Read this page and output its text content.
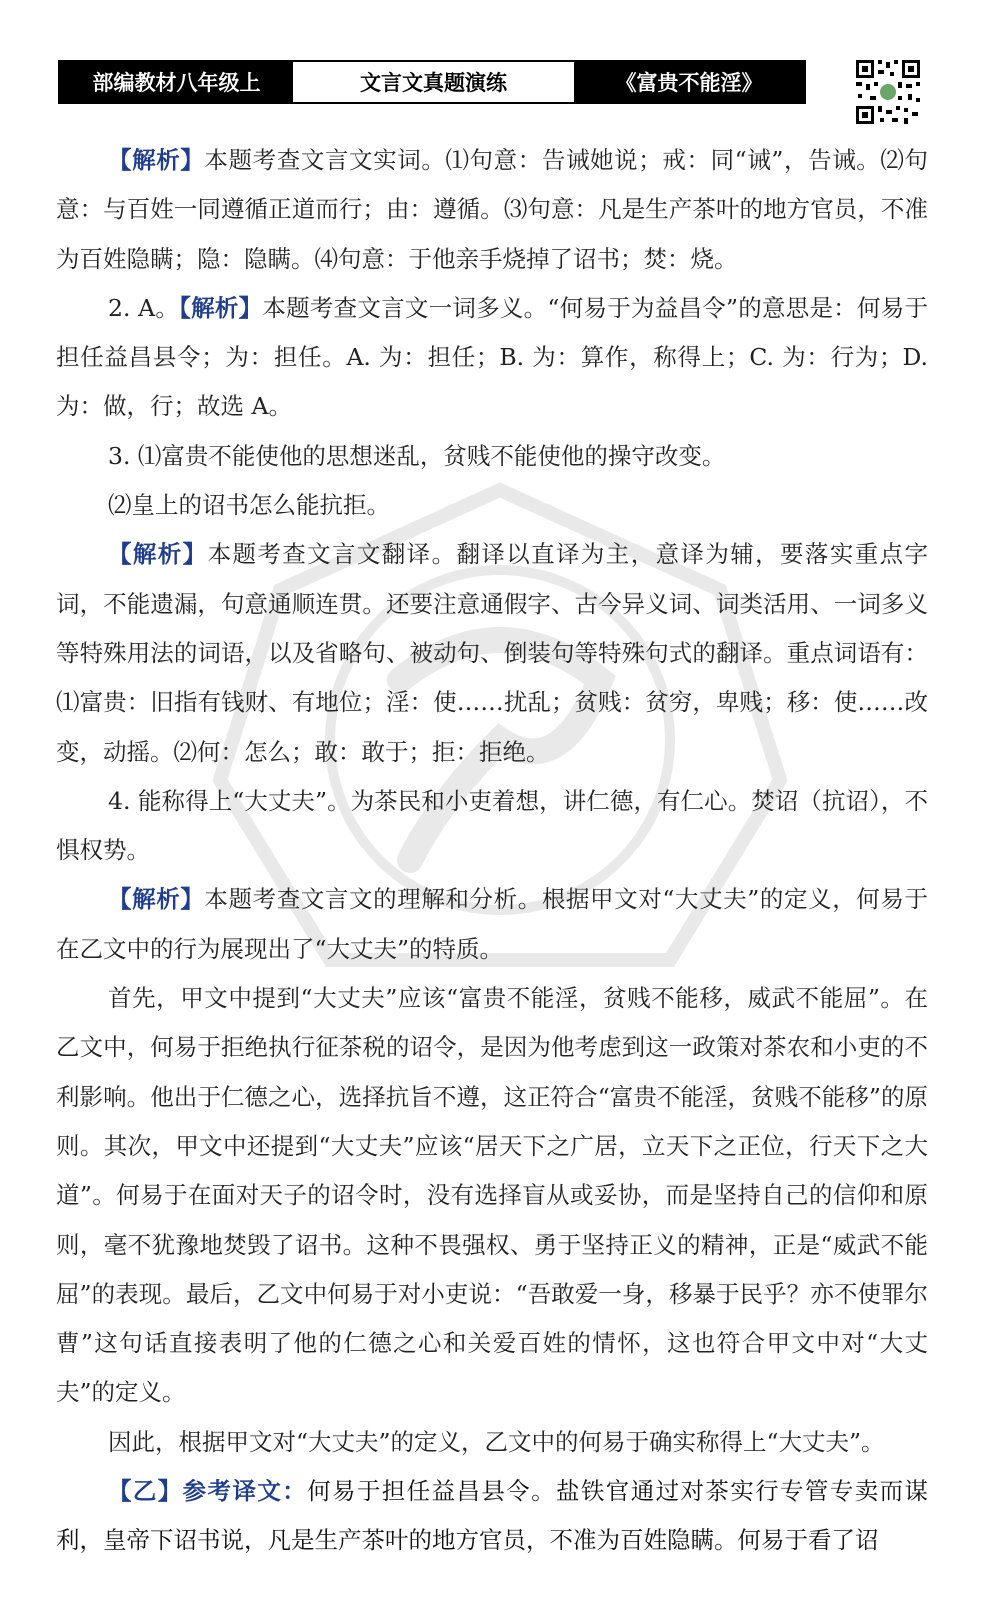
部编教材八年级上	文言文真题演练	《富贵不能淫》

【解析】本题考查文言文实词。⑴句意：告诫她说；戒：同“诫”，告诫。⑵句意：与百姓一同遵循正道而行；由：遵循。⑶句意：凡是生产茶叶的地方官员，不准为百姓隐瞒；隐：隐瞒。⑷句意：于他亲手烧掉了诏书；焚：烧。

2. A。【解析】本题考查文言文一词多义。“何易于为益昌令”的意思是：何易于担任益昌县令；为：担任。A. 为：担任；B. 为：算作，称得上；C. 为：行为；D. 为：做，行；故选 A。

3. ⑴富贵不能使他的思想迷乱，贫贱不能使他的操守改变。

⑵皇上的诏书怎么能抗拒。

【解析】本题考查文言文翻译。翻译以直译为主，意译为辅，要落实重点字词，不能遗漏，句意通顺连贯。还要注意通假字、古今异义词、词类活用、一词多义等特殊用法的词语，以及省略句、被动句、倒装句等特殊句式的翻译。重点词语有：⑴富贵：旧指有钱财、有地位；淫：使……扰乱；贫贱：贫穷，卑贱；移：使……改变，动摇。⑵何：怎么；敢：敢于；拒：拒绝。

4. 能称得上“大丈夫”。为茶民和小吏着想，讲仁德，有仁心。焚诏（抗诏），不惧权势。

【解析】本题考查文言文的理解和分析。根据甲文对“大丈夫”的定义，何易于在乙文中的行为展现出了“大丈夫”的特质。

首先，甲文中提到“大丈夫”应该“富贵不能淫，贫贱不能移，威武不能屈”。在乙文中，何易于拒绝执行征茶税的诏令，是因为他考虑到这一政策对茶农和小吏的不利影响。他出于仁德之心，选择抗旨不遵，这正符合“富贵不能淫，贫贱不能移”的原则。其次，甲文中还提到“大丈夫”应该“居天下之广居，立天下之正位，行天下之大道”。何易于在面对天子的诏令时，没有选择盲从或妥协，而是坚持自己的信仰和原则，毫不犹豫地焚毁了诏书。这种不畏强权、勇于坚持正义的精神，正是“威武不能屈”的表现。最后，乙文中何易于对小吏说：“吾敢爱一身，移暴于民乎？亦不使罪尔曹”这句话直接表明了他的仁德之心和关爱百姓的情怀，这也符合甲文中对“大丈夫”的定义。

因此，根据甲文对“大丈夫”的定义，乙文中的何易于确实称得上“大丈夫”。

【乙】参考译文：何易于担任益昌县令。盐铁官通过对茶实行专管专卖而谋利，皇帝下诏书说，凡是生产茶叶的地方官员，不准为百姓隐瞒。何易于看了诏
